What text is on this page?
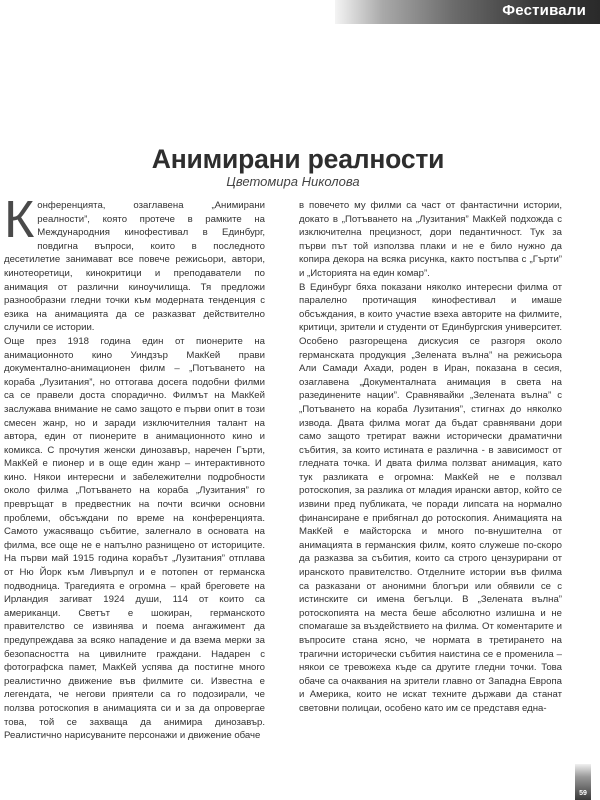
Фестивали
Анимирани реалности
Цветомира Николова
К онференцията, озаглавена „Анимирани реалности”, която протече в рамките на Международния кинофестивал в Единбург, повдигна въпроси, които в последното десетилетие занимават все повече режисьори, автори, кинотеоретици, кинокритици и преподаватели по анимация от различни киноучилища. Тя предложи разнообразни гледни точки към модерната тенденция с езика на анимацията да се разказват действително случили се истории.

Още през 1918 година един от пионерите на анимационното кино Уиндзър МакКей прави документално-анимационен филм – „Потъването на кораба „Лузитания”, но оттогава досега подобни филми са се правели доста спорадично. Филмът на МакКей заслужава внимание не само защото е първи опит в този смесен жанр, но и заради изключителния талант на автора, един от пионерите в анимационното кино и комикса. С прочутия женски динозавър, наречен Гърти, МакКей е пионер и в още един жанр – интерактивното кино. Някои интересни и забележителни подробности около филма „Потъването на кораба „Лузитания” го превръщат в предвестник на почти всички основни проблеми, обсъждани по време на конференцията. Самото ужасяващо събитие, залегнало в основата на филма, все още не е напълно разнищено от историците. На първи май 1915 година корабът „Лузитания” отплава от Ню Йорк към Ливърпул и е потопен от германска подводница. Трагедията е огромна – край бреговете на Ирландия загиват 1924 души, 114 от които са американци. Светът е шокиран, германското правителство се извинява и поема ангажимент да предупреждава за всяко нападение и да взема мерки за безопасността на цивилните граждани. Надарен с фотографска памет, МакКей успява да постигне много реалистично движение във филмите си. Известна е легендата, че негови приятели са го подозирали, че ползва ротоскопия в анимацията си и за да опровергае това, той се захваща да анимира динозавър. Реалистично нарисуваните персонажи и движение обаче

в повечето му филми са част от фантастични истории, докато в „Потъването на „Лузитания” МакКей подхожда с изключителна прецизност, дори педантичност. Тук за първи път той използва плаки и не е било нужно да копира декора на всяка рисунка, както постъпва с „Гърти” и „Историята на един комар”.

В Единбург бяха показани няколко интересни филма от паралелно протичащия кинофестивал и имаше обсъждания, в които участие взеха авторите на филмите, критици, зрители и студенти от Единбургския университет. Особено разгорещена дискусия се разгоря около германската продукция „Зелената вълна” на режисьора Али Самади Ахади, роден в Иран, показана в сесия, озаглавена „Документалната анимация в света на разединените нации”. Сравнявайки „Зелената вълна” с „Потъването на кораба Лузитания”, стигнах до няколко извода. Двата филма могат да бъдат сравнявани дори само защото третират важни исторически драматични събития, за които истината е различна - в зависимост от гледната точка. И двата филма ползват анимация, като тук разликата е огромна: МакКей не е ползвал ротоскопия, за разлика от младия ирански автор, който се извини пред публиката, че поради липсата на нормално финансиране е прибягнал до ротоскопия. Анимацията на МакКей е майсторска и много по-внушителна от анимацията в германския филм, която служеше по-скоро да разказва за събития, които са строго цензурирани от иранското правителство. Отделните истории във филма са разказани от анонимни блогъри или обявили се с истинските си имена бегълци. В „Зелената вълна” ротоскопията на места беше абсолютно излишна и не спомагаше за въздействието на филма. От коментарите и въпросите стана ясно, че нормата в третирането на трагични исторически събития наистина се е променила – някои се тревожеха къде са другите гледни точки. Това обаче са очаквания на зрители главно от Западна Европа и Америка, които не искат техните държави да станат световни полицаи, особено като им се представя една-

59
